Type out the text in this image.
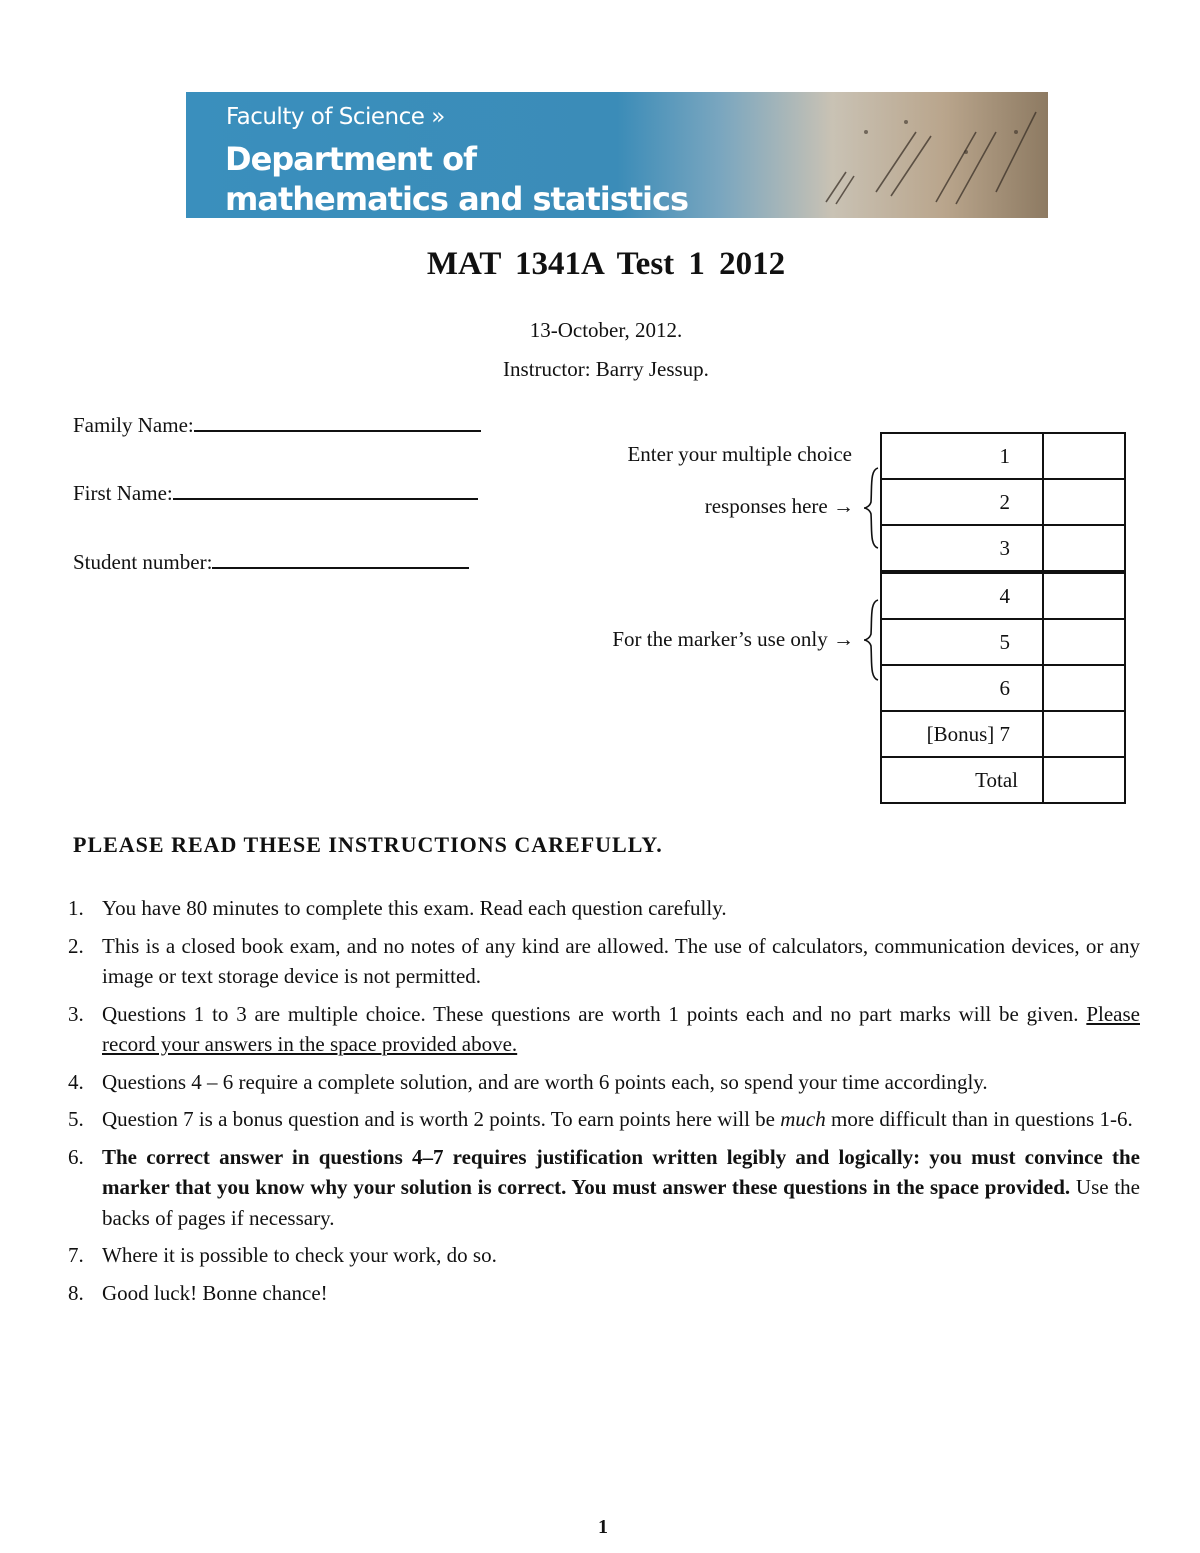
Faculty of Science »
Department of
mathematics and statistics
MAT 1341A Test 1 2012
13-October, 2012.
Instructor: Barry Jessup.
Family Name:
First Name:
Student number:
Enter your multiple choice
responses here →
For the marker’s use only →
1	
2	
3	
4	
5	
6	
[Bonus] 7	
Total	
PLEASE READ THESE INSTRUCTIONS CAREFULLY.
1. You have 80 minutes to complete this exam. Read each question carefully.
2. This is a closed book exam, and no notes of any kind are allowed. The use of calculators, communication devices, or any image or text storage device is not permitted.
3. Questions 1 to 3 are multiple choice. These questions are worth 1 points each and no part marks will be given. Please record your answers in the space provided above.
4. Questions 4 – 6 require a complete solution, and are worth 6 points each, so spend your time accordingly.
5. Question 7 is a bonus question and is worth 2 points. To earn points here will be much more difficult than in questions 1-6.
6. The correct answer in questions 4–7 requires justification written legibly and logically: you must convince the marker that you know why your solution is correct. You must answer these questions in the space provided. Use the backs of pages if necessary.
7. Where it is possible to check your work, do so.
8. Good luck! Bonne chance!
1
